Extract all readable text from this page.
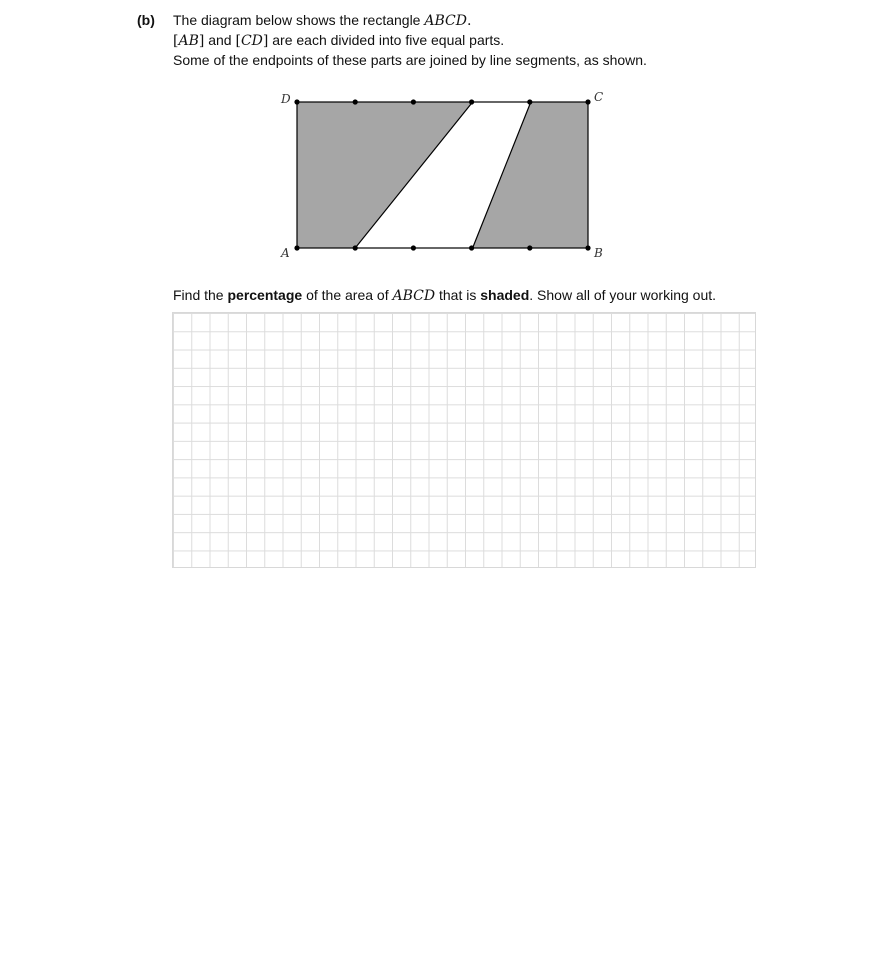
(b) The diagram below shows the rectangle ABCD.
[AB] and [CD] are each divided into five equal parts.
Some of the endpoints of these parts are joined by line segments, as shown.
D	C
A	B
Find the percentage of the area of ABCD that is shaded. Show all of your working out.
